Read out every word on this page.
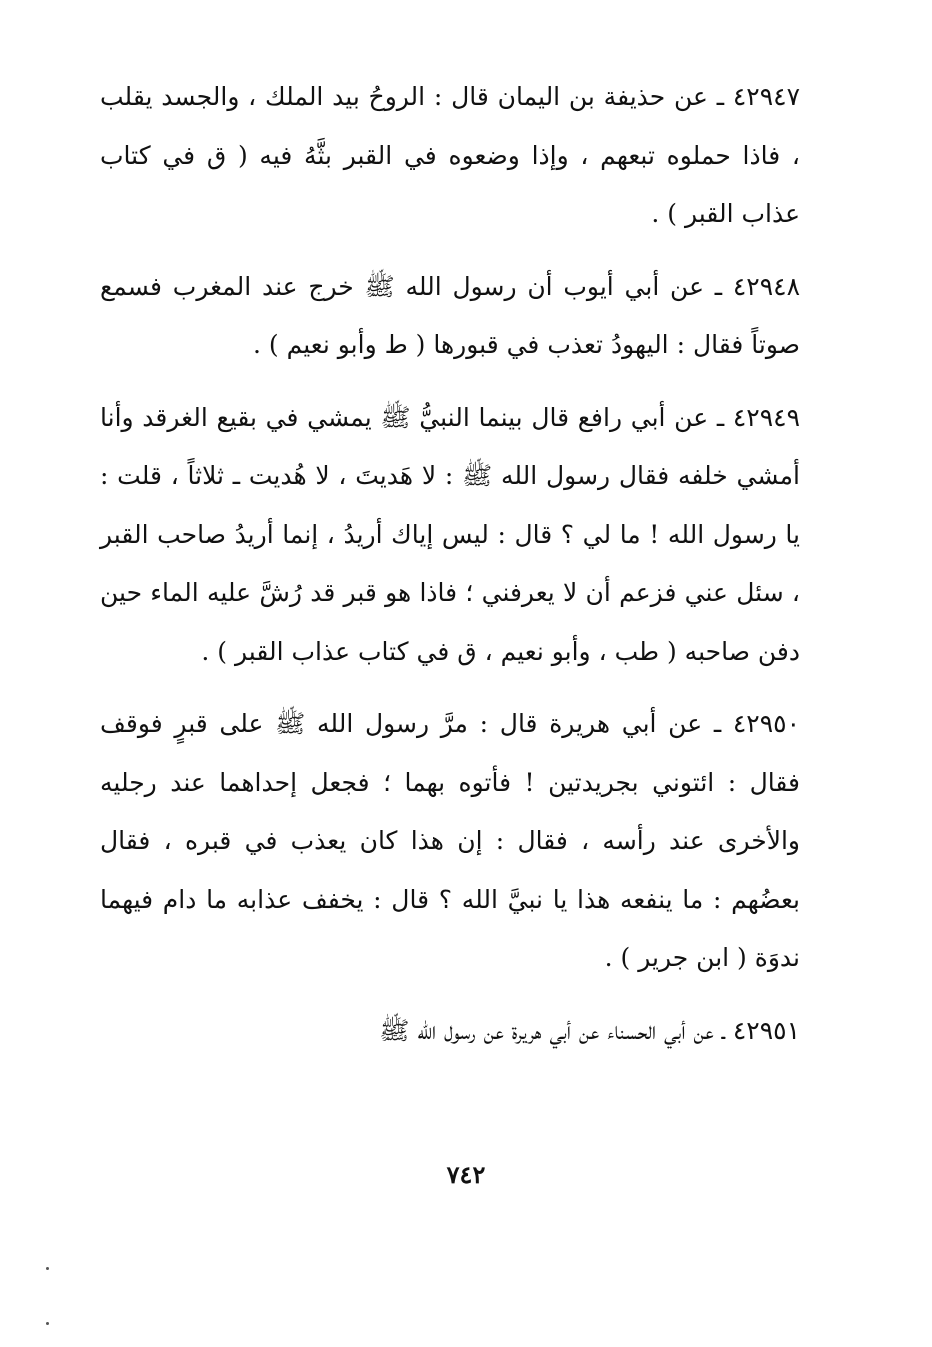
٤٢٩٤٧ ـ عن حذيفة بن اليمان قال : الروحُ بيد الملك ، والجسد يقلب ، فاذا حملوه تبعهم ، وإذا وضعوه في القبر بثَّهُ فيه ( ق في كتاب عذاب القبر ) .

٤٢٩٤٨ ـ عن أبي أيوب أن رسول الله ﷺ خرج عند المغرب فسمع صوتاً فقال : اليهودُ تعذب في قبورها ( ط وأبو نعيم ) .

٤٢٩٤٩ ـ عن أبي رافع قال بينما النبيُّ ﷺ يمشي في بقيع الغرقد وأنا أمشي خلفه فقال رسول الله ﷺ : لا هَديتَ ، لا هُديت ـ ثلاثاً ، قلت : يا رسول الله ! ما لي ؟ قال : ليس إياك أريدُ ، إنما أريدُ صاحب القبر ، سئل عني فزعم أن لا يعرفني ؛ فاذا هو قبر قد رُشَّ عليه الماء حين دفن صاحبه ( طب ، وأبو نعيم ، ق في كتاب عذاب القبر ) .

٤٢٩٥٠ ـ عن أبي هريرة قال : مرَّ رسول الله ﷺ على قبرٍ فوقف فقال : ائتوني بجريدتين ! فأتوه بهما ؛ فجعل إحداهما عند رجليه والأخرى عند رأسه ، فقال : إن هذا كان يعذب في قبره ، فقال بعضُهم : ما ينفعه هذا يا نبيَّ الله ؟ قال : يخفف عذابه ما دام فيهما ندوَة ( ابن جرير ) .

٤٢٩٥١ ـ عن أبي الحسناء عن أبي هريرة عن رسول الله ﷺ

٧٤٢
